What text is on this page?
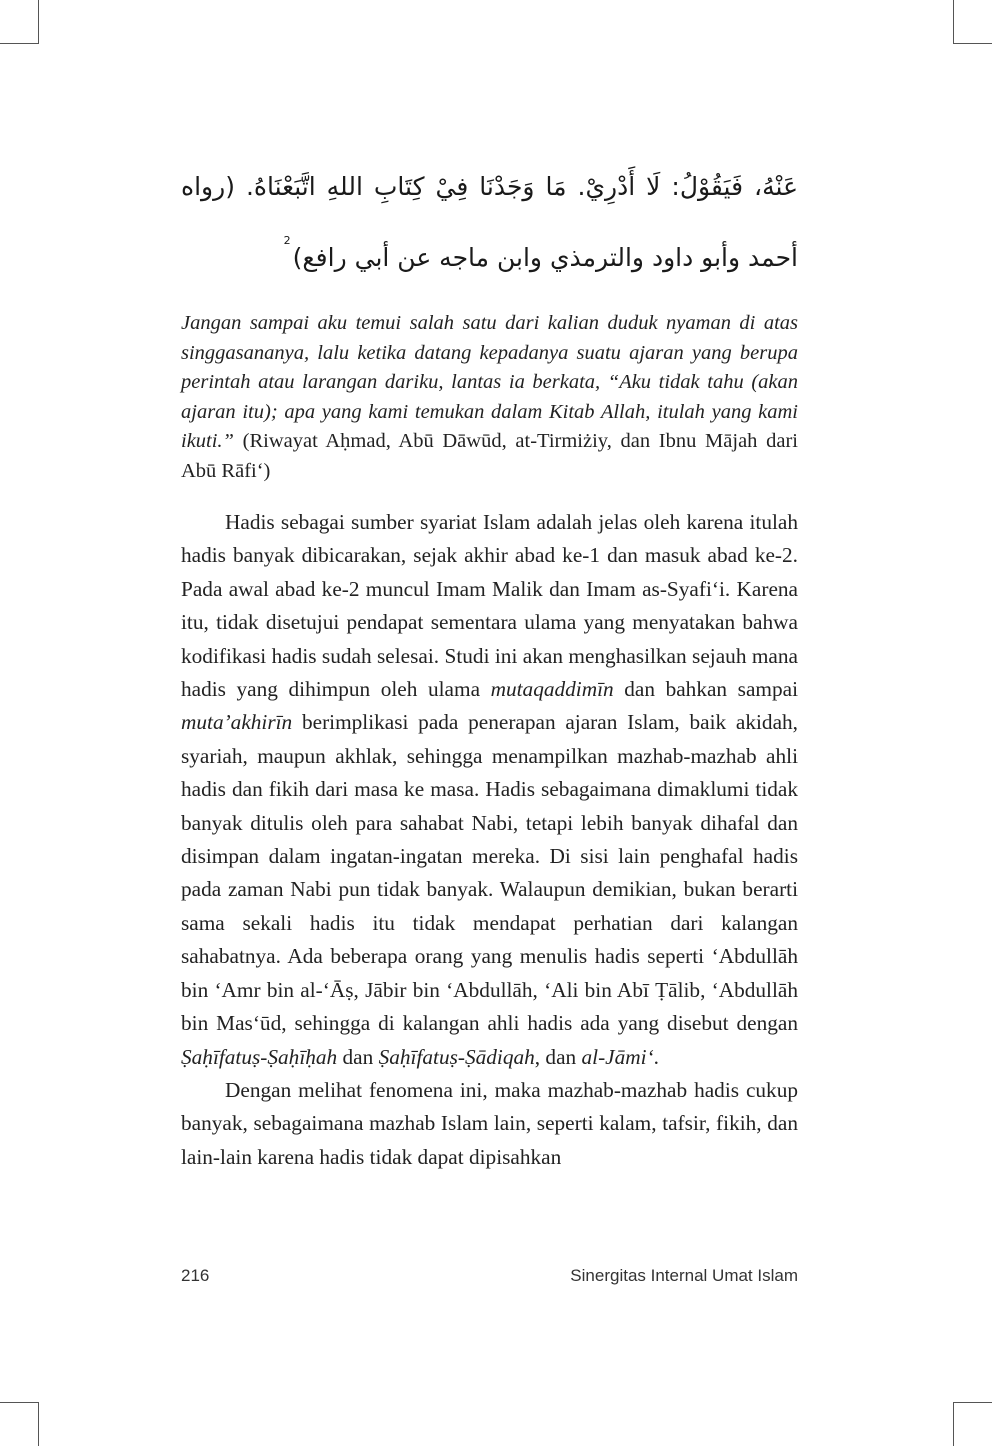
عَنْهُ، فَيَقُوْلُ: لَا أَدْرِيْ. مَا وَجَدْنَا فِيْ كِتَابِ اللهِ اتَّبَعْنَاهُ. (رواه أحمد وأبو داود والترمذي وابن ماجه عن أبي رافع)$^2$

Jangan sampai aku temui salah satu dari kalian duduk nyaman di atas singgasananya, lalu ketika datang kepadanya suatu ajaran yang berupa perintah atau larangan dariku, lantas ia berkata, “Aku tidak tahu (akan ajaran itu); apa yang kami temukan dalam Kitab Allah, itulah yang kami ikuti.” (Riwayat Aḥmad, Abū Dāwūd, at-Tirmiżiy, dan Ibnu Mājah dari Abū Rāfiʻ)

Hadis sebagai sumber syariat Islam adalah jelas oleh karena itulah hadis banyak dibicarakan, sejak akhir abad ke-1 dan masuk abad ke-2. Pada awal abad ke-2 muncul Imam Malik dan Imam as-Syafiʻi. Karena itu, tidak disetujui pendapat sementara ulama yang menyatakan bahwa kodifikasi hadis sudah selesai. Studi ini akan menghasilkan sejauh mana hadis yang dihimpun oleh ulama mutaqaddimīn dan bahkan sampai muta’akhirīn berimplikasi pada penerapan ajaran Islam, baik akidah, syariah, maupun akhlak, sehingga menampilkan mazhab-mazhab ahli hadis dan fikih dari masa ke masa. Hadis sebagaimana dimaklumi tidak banyak ditulis oleh para sahabat Nabi, tetapi lebih banyak dihafal dan disimpan dalam ingatan-ingatan mereka. Di sisi lain penghafal hadis pada zaman Nabi pun tidak banyak. Walaupun demikian, bukan berarti sama sekali hadis itu tidak mendapat perhatian dari kalangan sahabatnya. Ada beberapa orang yang menulis hadis seperti ʻAbdullāh bin ʻAmr bin al-ʻĀṣ, Jābir bin ʻAbdullāh, ʻAli bin Abī Ṭālib, ʻAbdullāh bin Masʻūd, sehingga di kalangan ahli hadis ada yang disebut dengan Ṣaḥīfatuṣ-Ṣaḥīḥah dan Ṣaḥīfatuṣ-Ṣādiqah, dan al-Jāmiʻ.

Dengan melihat fenomena ini, maka mazhab-mazhab hadis cukup banyak, sebagaimana mazhab Islam lain, seperti kalam, tafsir, fikih, dan lain-lain karena hadis tidak dapat dipisahkan

216	Sinergitas Internal Umat Islam
